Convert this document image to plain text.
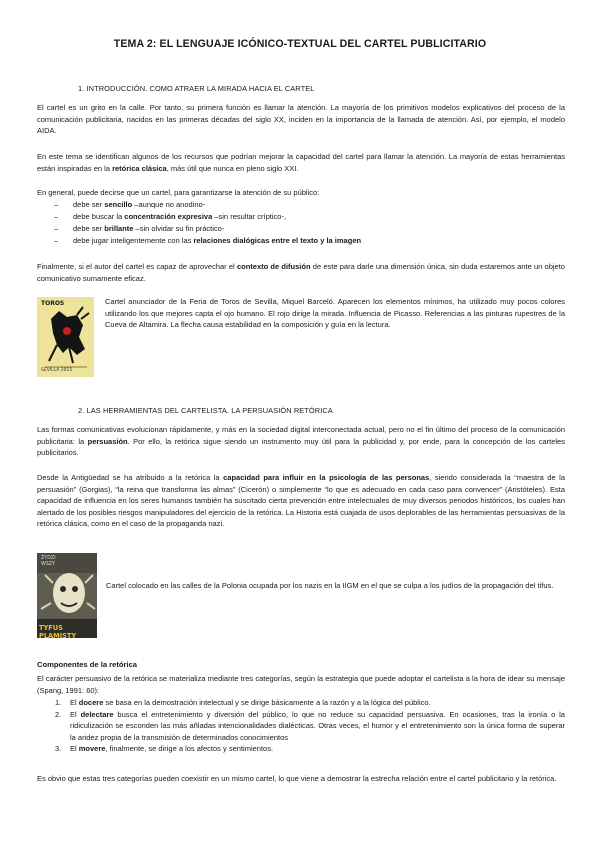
TEMA 2: EL LENGUAJE ICÓNICO-TEXTUAL DEL CARTEL PUBLICITARIO
1. INTRODUCCIÓN. COMO ATRAER LA MIRADA HACIA EL CARTEL

El cartel es un grito en la calle. Por tanto, su primera función es llamar la atención. La mayoría de los primitivos modelos explicativos del proceso de la comunicación publicitaria, nacidos en las primeras décadas del siglo XX, inciden en la importancia de la llamada de atención. Así, por ejemplo, el modelo AIDA.

En este tema se identifican algunos de los recursos que podrían mejorar la capacidad del cartel para llamar la atención. La mayoría de estas herramientas están inspiradas en la retórica clásica, más útil que nunca en pleno siglo XXI.

En general, puede decirse que un cartel, para garantizarse la atención de su público:

– debe ser sencillo –aunque no anodino-
– debe buscar la concentración expresiva –sin resultar críptico-,
– debe ser brillante –sin olvidar su fin práctico-
– debe jugar inteligentemente con las relaciones dialógicas entre el texto y la imagen

Finalmente, si el autor del cartel es capaz de aprovechar el contexto de difusión de este para darle una dimensión única, sin duda estaremos ante un objeto comunicativo sumamente eficaz.

TOROS
SEVILLA 2015

Cartel anunciador de la Feria de Toros de Sevilla, Miquel Barceló. Aparecen los elementos mínimos, ha utilizado muy pocos colores utilizando los que mejores capta el ojo humano. El rojo dirige la mirada. Influencia de Picasso. Referencias a las pinturas rupestres de la Cueva de Altamira. La flecha causa estabilidad en la composición y guía en la lectura.

2. LAS HERRAMIENTAS DEL CARTELISTA. LA PERSUASIÓN RETÓRICA

Las formas comunicativas evolucionan rápidamente, y más en la sociedad digital interconectada actual, pero no el fin último del proceso de la comunicación publicitaria: la persuasión. Por ello, la retórica sigue siendo un instrumento muy útil para la publicidad y, por ende, para la concepción de los carteles publicitarios.

Desde la Antigüedad se ha atribuido a la retórica la capacidad para influir en la psicología de las personas, siendo considerada la “maestra de la persuasión” (Gorgias), “la reina que transforma las almas” (Cicerón) o simplemente “lo que es adecuado en cada caso para convencer” (Aristóteles). Esta capacidad de influencia en los seres humanos también ha suscitado cierta prevención entre intelectuales de muy diversos periodos históricos, los cuales han alertado de los posibles riesgos manipuladores del ejercicio de la retórica. La Historia está cuajada de usos deplorables de las herramientas persuasivas de la retórica clásica, como en el caso de la propaganda nazi.

ŻYDZI WSZY
TYFUS PLAMISTY

Cartel colocado en las calles de la Polonia ocupada por los nazis en la IIGM en el que se culpa a los judíos de la propagación del tifus.

Componentes de la retórica

El carácter persuasivo de la retórica se materializa mediante tres categorías, según la estrategia que puede adoptar el cartelista a la hora de idear su mensaje (Spang, 1991: 60):

1. El docere se basa en la demostración intelectual y se dirige básicamente a la razón y a la lógica del público.
2. El delectare busca el entretenimiento y diversión del público, lo que no reduce su capacidad persuasiva. En ocasiones, tras la ironía o la ridiculización se esconden las más añladas intencionalidades dialécticas. Otras veces, el humor y el entretenimiento son la única forma de superar la aridez propia de la transmisión de determinados conocimientos
3. El movere, finalmente, se dirige a los afectos y sentimientos.

Es obvio que estas tres categorías pueden coexistir en un mismo cartel, lo que viene a demostrar la estrecha relación entre el cartel publicitario y la retórica.
